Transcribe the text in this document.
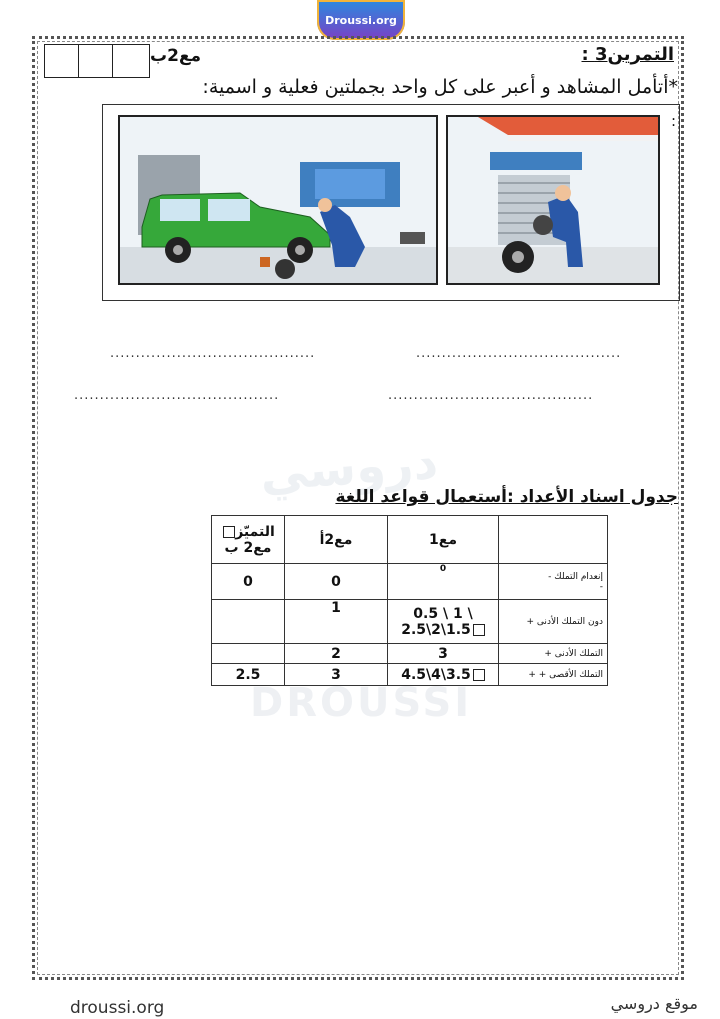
دروسي
DROUSSI
Droussi.org
مع2ب	التمرين3 :
*أتأمل المشاهد و أعبر على كل واحد بجملتين فعلية و اسمية:
:
........................................	........................................
........................................	........................................
جدول اسناد الأعداد :أستعمال قواعد اللغة
التميّز مع2 ب	مع2أ	مع1	
0	0	0	إنعدام التملك -
-
	1	0.5 \ 1 \ 2.5\2\1.5	دون التملك الأدنى +
	2	3	التملك الأدنى +
2.5	3	4.5\4\3.5	التملك الأقصى + +
droussi.org	موقع دروسي
